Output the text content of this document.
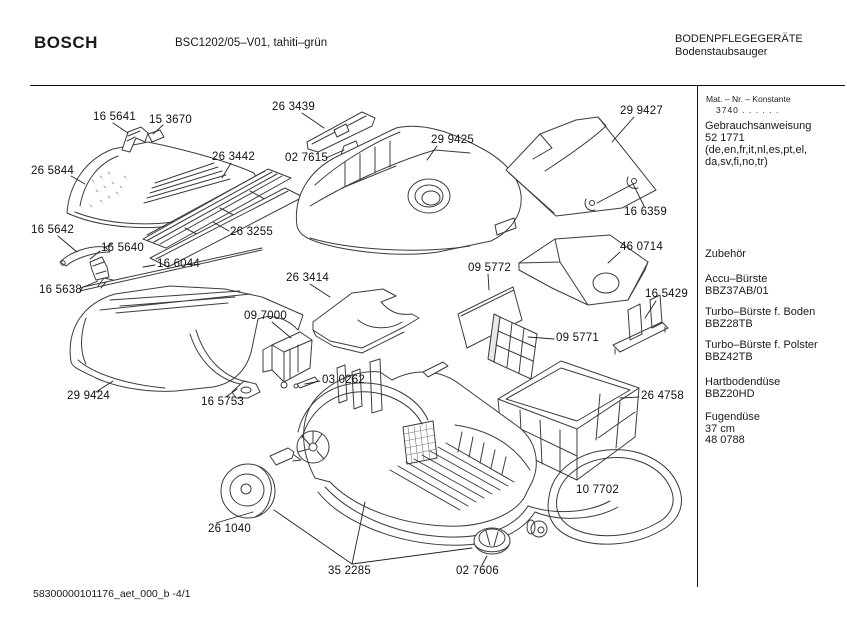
BOSCH	BSC1202/05–V01, tahiti–grün	BODENPFLEGEGERÄTE
Bodenstaubsauger
Mat. – Nr. – Konstante
3740 . . . . . .
Gebrauchsanweisung
52 1771
(de,en,fr,it,nl,es,pt,el,
da,sv,fi,no,tr)
Zubehör
Accu–Bürste
BBZ37AB/01
Turbo–Bürste f. Boden
BBZ28TB
Turbo–Bürste f. Polster
BBZ42TB
Hartbodendüse
BBZ20HD
Fugendüse
37 cm
48 0788
58300000101176_aet_000_b -4/1
16 5641 15 3670
26 3439
02 7615
29 9425
29 9427
26 3442
26 5844
16 6359
26 3255
16 5642
46 0714
16 5640
16 6044	09 5772
26 3414
16 5638	16 5429
09 7000
09 5771
03 0262
29 9424	16 5753	26 4758
10 7702
26 1040
35 2285	02 7606
